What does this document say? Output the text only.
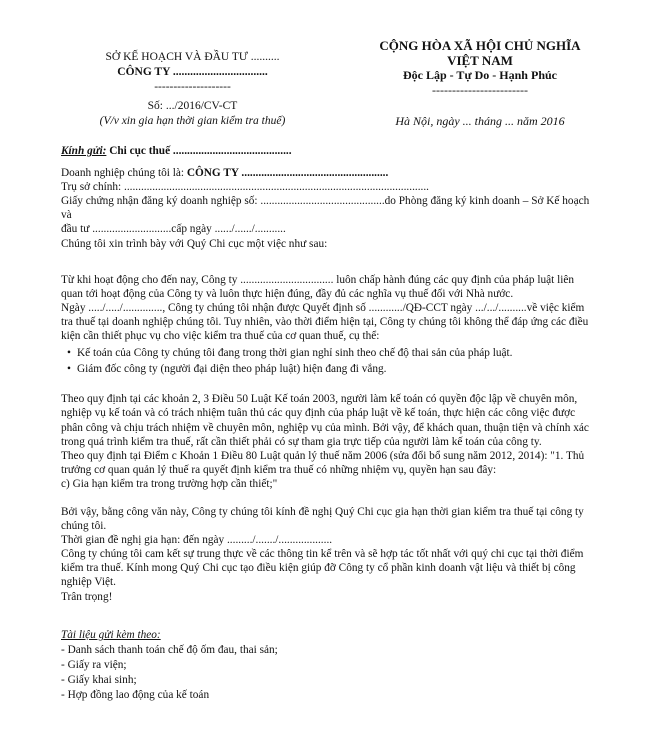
SỞ KẾ HOẠCH VÀ ĐẦU TƯ ..........
CÔNG TY .................................
--------------------
Số: .../2016/CV-CT
(V/v xin gia hạn thời gian kiểm tra thuế)
CỘNG HÒA XÃ HỘI CHỦ NGHĨA
VIỆT NAM
Độc Lập - Tự Do - Hạnh Phúc
------------------------
Hà Nội, ngày ... tháng ... năm 2016

Kính gửi: Chi cục thuế ..........................................

Doanh nghiệp chúng tôi là: CÔNG TY ....................................................

Trụ sở chính: ............................................................................................................

Giấy chứng nhận đăng ký doanh nghiệp số: ............................................do Phòng đăng ký kinh doanh – Sở Kế hoạch và

đầu tư ............................cấp ngày ....../....../...........

Chúng tôi xin trình bày với Quý Chi cục một việc như sau:

Từ khi hoạt động cho đến nay, Công ty ................................. luôn chấp hành đúng các quy định của pháp luật liên

quan tới hoạt động của Công ty và luôn thực hiện đúng, đầy đủ các nghĩa vụ thuế đối với Nhà nước.

Ngày ...../...../.............., Công ty chúng tôi nhận được Quyết định số ............/QĐ-CCT ngày .../.../..........về việc kiểm

tra thuế tại doanh nghiệp chúng tôi. Tuy nhiên, vào thời điểm hiện tại, Công ty chúng tôi không thể đáp ứng các điều

kiện cần thiết phục vụ cho việc kiểm tra thuế của cơ quan thuế, cụ thể:

• Kế toán của Công ty chúng tôi đang trong thời gian nghỉ sinh theo chế độ thai sản của pháp luật.
• Giám đốc công ty (người đại diện theo pháp luật) hiện đang đi vắng.

Theo quy định tại các khoản 2, 3 Điều 50 Luật Kế toán 2003, người làm kế toán có quyền độc lập về chuyên môn,

nghiệp vụ kế toán và có trách nhiệm tuân thủ các quy định của pháp luật về kế toán, thực hiện các công việc được

phân công và chịu trách nhiệm về chuyên môn, nghiệp vụ của mình. Bởi vậy, để khách quan, thuận tiện và chính xác

trong quá trình kiểm tra thuế, rất cần thiết phải có sự tham gia trực tiếp của người làm kế toán của công ty.

Theo quy định tại Điểm c Khoản 1 Điều 80 Luật quản lý thuế năm 2006 (sửa đổi bổ sung năm 2012, 2014): "1. Thủ

trưởng cơ quan quản lý thuế ra quyết định kiểm tra thuế có những nhiệm vụ, quyền hạn sau đây:

c) Gia hạn kiểm tra trong trường hợp cần thiết;"

Bởi vậy, bằng công văn này, Công ty chúng tôi kính đề nghị Quý Chi cục gia hạn thời gian kiểm tra thuế tại công ty

chúng tôi.

Thời gian đề nghị gia hạn: đến ngày ........./......./...................

Công ty chúng tôi cam kết sự trung thực về các thông tin kể trên và sẽ hợp tác tốt nhất với quý chi cục tại thời điểm

kiểm tra thuế. Kính mong Quý Chi cục tạo điều kiện giúp đỡ Công ty cổ phần kinh doanh vật liệu và thiết bị công

nghiệp Việt.

Trân trọng!

Tài liệu gửi kèm theo:

- Danh sách thanh toán chế độ ốm đau, thai sản;

- Giấy ra viện;

- Giấy khai sinh;

- Hợp đồng lao động của kế toán
